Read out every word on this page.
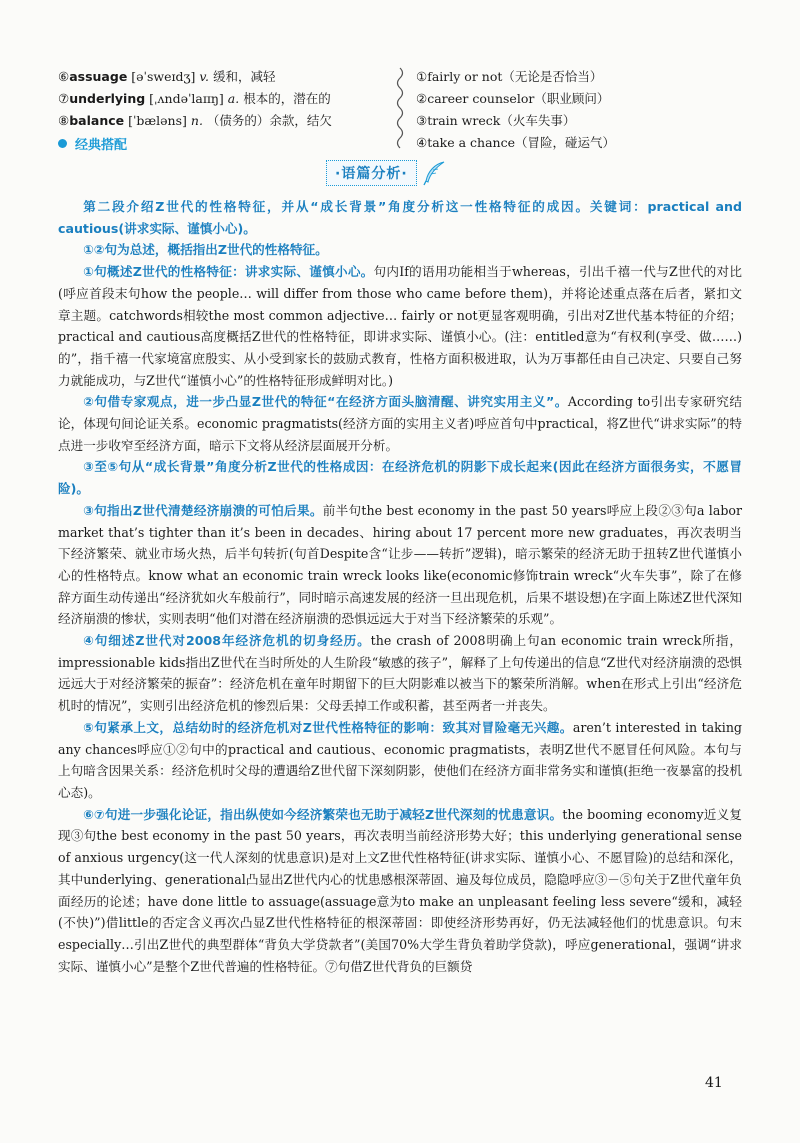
⑥assuage [əˈsweɪdʒ] v. 缓和，减轻
⑦underlying [ˌʌndəˈlaɪɪŋ] a. 根本的，潜在的
⑧balance [ˈbæləns] n. （债务的）余款，结欠
①fairly or not（无论是否恰当）
②career counselor（职业顾问）
③train wreck（火车失事）
④take a chance（冒险，碰运气）
经典搭配
·语篇分析·

第二段介绍Z世代的性格特征，并从“成长背景”角度分析这一性格特征的成因。关键词：practical and cautious(讲求实际、谨慎小心)。

①②句为总述，概括指出Z世代的性格特征。

①句概述Z世代的性格特征：讲求实际、谨慎小心。句内If的语用功能相当于whereas，引出千禧一代与Z世代的对比(呼应首段末句how the people… will differ from those who came before them)，并将论述重点落在后者，紧扣文章主题。catchwords相较the most common adjective… fairly or not更显客观明确，引出对Z世代基本特征的介绍；practical and cautious高度概括Z世代的性格特征，即讲求实际、谨慎小心。(注：entitled意为“有权利(享受、做……)的”，指千禧一代家境富庶殷实、从小受到家长的鼓励式教育，性格方面积极进取，认为万事都任由自己决定、只要自己努力就能成功，与Z世代“谨慎小心”的性格特征形成鲜明对比。)

②句借专家观点，进一步凸显Z世代的特征“在经济方面头脑清醒、讲究实用主义”。According to引出专家研究结论，体现句间论证关系。economic pragmatists(经济方面的实用主义者)呼应首句中practical，将Z世代“讲求实际”的特点进一步收窄至经济方面，暗示下文将从经济层面展开分析。

③至⑤句从“成长背景”角度分析Z世代的性格成因：在经济危机的阴影下成长起来(因此在经济方面很务实，不愿冒险)。

③句指出Z世代清楚经济崩溃的可怕后果。前半句the best economy in the past 50 years呼应上段②③句a labor market that’s tighter than it’s been in decades、hiring about 17 percent more new graduates，再次表明当下经济繁荣、就业市场火热，后半句转折(句首Despite含“让步——转折”逻辑)，暗示繁荣的经济无助于扭转Z世代谨慎小心的性格特点。know what an economic train wreck looks like(economic修饰train wreck“火车失事”，除了在修辞方面生动传递出“经济犹如火车般前行”，同时暗示高速发展的经济一旦出现危机，后果不堪设想)在字面上陈述Z世代深知经济崩溃的惨状，实则表明“他们对潜在经济崩溃的恐惧远远大于对当下经济繁荣的乐观”。

④句细述Z世代对2008年经济危机的切身经历。the crash of 2008明确上句an economic train wreck所指，impressionable kids指出Z世代在当时所处的人生阶段“敏感的孩子”，解释了上句传递出的信息“Z世代对经济崩溃的恐惧远远大于对经济繁荣的振奋”：经济危机在童年时期留下的巨大阴影难以被当下的繁荣所消解。when在形式上引出“经济危机时的情况”，实则引出经济危机的惨烈后果：父母丢掉工作或积蓄，甚至两者一并丧失。

⑤句紧承上文，总结幼时的经济危机对Z世代性格特征的影响：致其对冒险毫无兴趣。aren’t interested in taking any chances呼应①②句中的practical and cautious、economic pragmatists，表明Z世代不愿冒任何风险。本句与上句暗含因果关系：经济危机时父母的遭遇给Z世代留下深刻阴影，使他们在经济方面非常务实和谨慎(拒绝一夜暴富的投机心态)。

⑥⑦句进一步强化论证，指出纵使如今经济繁荣也无助于减轻Z世代深刻的忧患意识。the booming economy近义复现③句the best economy in the past 50 years，再次表明当前经济形势大好；this underlying generational sense of anxious urgency(这一代人深刻的忧患意识)是对上文Z世代性格特征(讲求实际、谨慎小心、不愿冒险)的总结和深化，其中underlying、generational凸显出Z世代内心的忧患感根深蒂固、遍及每位成员，隐隐呼应③－⑤句关于Z世代童年负面经历的论述；have done little to assuage(assuage意为to make an unpleasant feeling less severe“缓和，减轻(不快)”)借little的否定含义再次凸显Z世代性格特征的根深蒂固：即使经济形势再好，仍无法减轻他们的忧患意识。句末especially…引出Z世代的典型群体“背负大学贷款者”(美国70%大学生背负着助学贷款)，呼应generational，强调“讲求实际、谨慎小心”是整个Z世代普遍的性格特征。⑦句借Z世代背负的巨额贷

41
